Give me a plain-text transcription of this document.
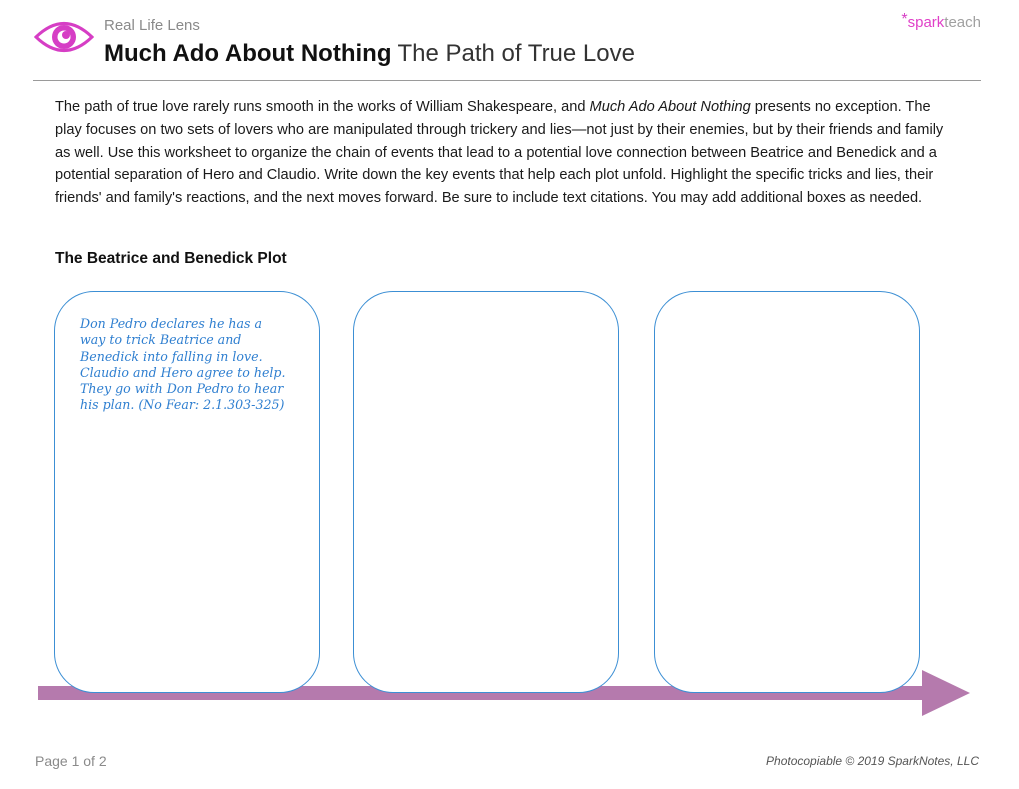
Real Life Lens
Much Ado About Nothing The Path of True Love
*sparkteach

The path of true love rarely runs smooth in the works of William Shakespeare, and Much Ado About Nothing presents no exception. The play focuses on two sets of lovers who are manipulated through trickery and lies—not just by their enemies, but by their friends and family as well. Use this worksheet to organize the chain of events that lead to a potential love connection between Beatrice and Benedick and a potential separation of Hero and Claudio. Write down the key events that help each plot unfold. Highlight the specific tricks and lies, their friends' and family's reactions, and the next moves forward. Be sure to include text citations. You may add additional boxes as needed.

The Beatrice and Benedick Plot
Don Pedro declares he has a way to trick Beatrice and Benedick into falling in love. Claudio and Hero agree to help. They go with Don Pedro to hear his plan. (No Fear: 2.1.303-325)
Page 1 of 2	Photocopiable © 2019 SparkNotes, LLC
